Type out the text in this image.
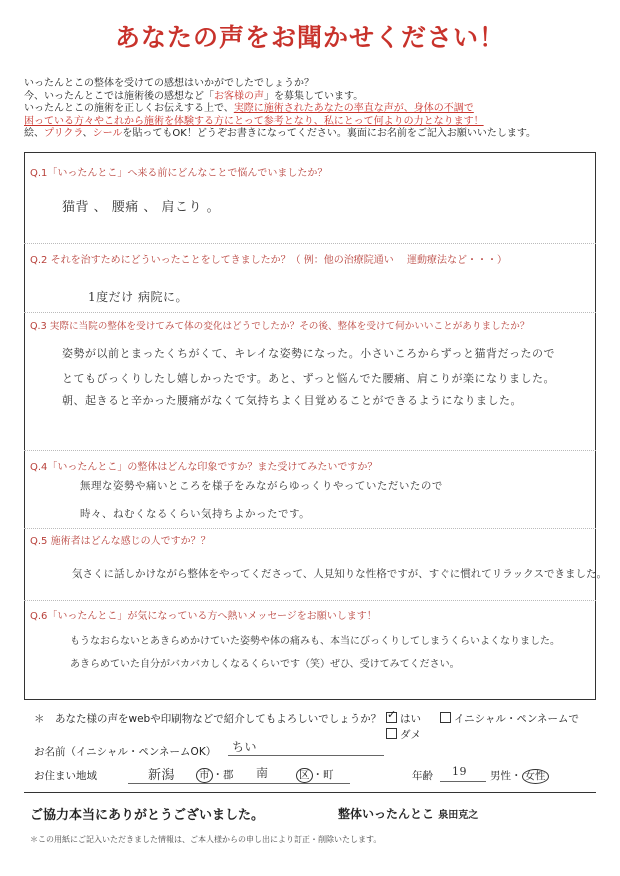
あなたの声をお聞かせください！
いったんとこの整体を受けての感想はいかがでしたでしょうか？
今、いったんとこでは施術後の感想など「お客様の声」を募集しています。
いったんとこの施術を正しくお伝えする上で、実際に施術されたあなたの率直な声が、身体の不調で
困っている方々やこれから施術を体験する方にとって参考となり、私にとって何よりの力となります！
絵、プリクラ、シールを貼ってもOK！どうぞお書きになってください。裏面にお名前をご記入お願いいたします。
Q.1「いったんとこ」へ来る前にどんなことで悩んでいましたか？
猫背 、 腰痛 、 肩こり 。
Q.2 それを治すためにどういったことをしてきましたか？（ 例：他の治療院通い　 運動療法など・・・）
1度だけ 病院に。
Q.3 実際に当院の整体を受けてみて体の変化はどうでしたか？その後、整体を受けて何かいいことがありましたか？
姿勢が以前とまったくちがくて、キレイな姿勢になった。小さいころからずっと猫背だったので
とてもびっくりしたし嬉しかったです。あと、ずっと悩んでた腰痛、肩こりが楽になりました。
朝、起きると辛かった腰痛がなくて気持ちよく目覚めることができるようになりました。
Q.4「いったんとこ」の整体はどんな印象ですか？また受けてみたいですか？
無理な姿勢や痛いところを様子をみながらゆっくりやっていただいたので
時々、ねむくなるくらい気持ちよかったです。
Q.5 施術者はどんな感じの人ですか？？
気さくに話しかけながら整体をやってくださって、人見知りな性格ですが、すぐに慣れてリラックスできました。
Q.6「いったんとこ」が気になっている方へ熱いメッセージをお願いします！
もうなおらないとあきらめかけていた姿勢や体の痛みも、本当にびっくりしてしまうくらいよくなりました。
あきらめていた自分がバカバカしくなるくらいです（笑）ぜひ、受けてみてください。
＊　あなた様の声をwebや印刷物などで紹介してもよろしいでしょうか？ ✓ はい	イニシャル・ペンネームで
ダメ
お名前（イニシャル・ペンネームOK） ちい
お住まい地域	新潟 市 ・郡 南	区 ・町	年齢 19 男性・ 女性
ご協力本当にありがとうございました。	整体いったんとこ 泉田克之
＊この用紙にご記入いただきました情報は、ご本人様からの申し出により訂正・削除いたします。
